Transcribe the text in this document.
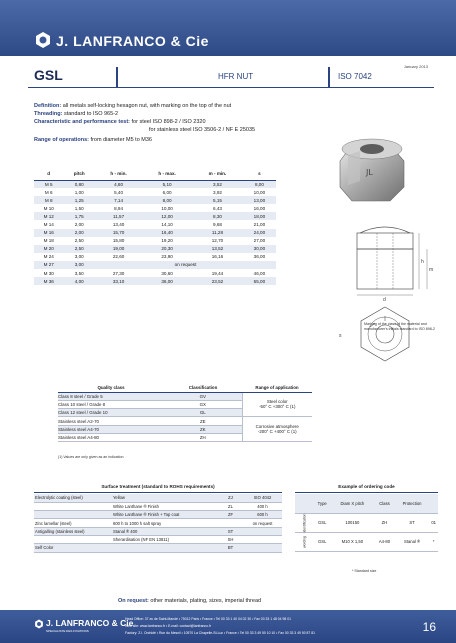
J. LANFRANCO & Cie
GSL	HFR NUT	ISO 7042
January 2013
Definition: all metals self-locking hexagon nut, with marking on the top of the nut
Threading: standard to ISO 965-2
Characteristic and performance test: for steel ISO 898-2 / ISO 2320
for stainless steel ISO 3506-2 / NF E 25035
Range of operations: from diameter M5 to M36
d	pitch	h - min.	h - max.	m - min.	s
M 5	0,80	4,80	5,10	3,52	8,00
M 6	1,00	5,40	6,00	3,92	10,00
M 8	1,25	7,14	8,00	5,15	13,00
M 10	1,50	8,94	10,00	6,43	16,00
M 12	1,75	11,57	12,00	8,30	18,00
M 14	2,00	13,40	14,10	9,68	21,00
M 16	2,00	15,70	16,40	11,28	24,00
M 18	2,50	15,80	19,20	12,70	27,00
M 20	2,50	19,00	20,30	13,52	30,00
M 24	3,00	22,60	23,90	16,16	36,00
M 27	3,00	on request			
M 30	3,50	27,30	30,60	19,44	46,00
M 36	4,00	33,10	36,00	23,52	55,00
JL
h
m
d
s
Marking of the class of the material and manufacturer's initials standard to ISO 898-2
Quality class	Classification	Range of application
Class 8 steel / Grade 5	GV	Steel color
-50° C +300° C (1)
Class 10 steel / Grade 8	GX	
Class 12 steel / Grade 10	GL	
Stainless steel A2-70	ZE	Corrosive atmosphere
-200° C +400° C (1)
Stainless steel A4-70	ZK	
Stainless steel A4-80	ZH	
(1) Values are only given as an indication
Surface treatment (standard to ROHS requirements)
Electrolytic coating (steel)	Yellow	ZJ	ISO 4042
	White Lanthane ® Finish	ZL	400 h
	White Lanthane ® Finish + Top coat	ZF	600 h
Zinc lamellar (steel)	600 h to 1000 h salt spray		on request
Antigalling (stainless steel)	Stanal ® 400	ST	
	Sherardisation (NF EN 13811)	SH	
Self Color		BT	
Example of ordering code
	Type	Diam X pitch	Class	Protection	

identification	GSL	100150	ZH	ST	01

wording	GSL	M10 X 1,50	A4-80	Stanal ®	*
* Standard size
On request: other materials, plating, sizes, imperial thread
J. LANFRANCO & Cie
SPECIALISTE DES FIXATIONS
Head Office: 37 av de Saint-Mandé • 75012 Paris • France • Tel 00 33 1 40 04 02 30 • Fax 00 33 1 48 04 98 01
Web site: www.lanfranco.fr • E-mail: contact@lanfranco.fr
Factory: Z.I. Orchidé • Rue du Mesnil • 10570 La Chapelle-St-Luc • France • Tel 00 33 3 49 50 10 10 • Fax 00 33 3 49 50 87 81	16
